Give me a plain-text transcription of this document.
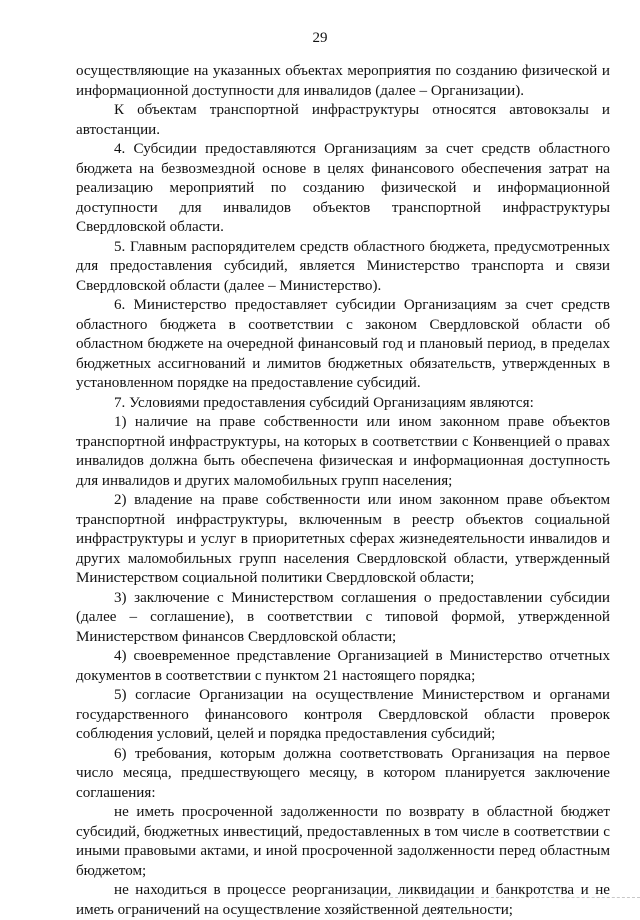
29

осуществляющие на указанных объектах мероприятия по созданию физической и информационной доступности для инвалидов (далее – Организации).

К объектам транспортной инфраструктуры относятся автовокзалы и автостанции.

4. Субсидии предоставляются Организациям за счет средств областного бюджета на безвозмездной основе в целях финансового обеспечения затрат на реализацию мероприятий по созданию физической и информационной доступности для инвалидов объектов транспортной инфраструктуры Свердловской области.

5. Главным распорядителем средств областного бюджета, предусмотренных для предоставления субсидий, является Министерство транспорта и связи Свердловской области (далее – Министерство).

6. Министерство предоставляет субсидии Организациям за счет средств областного бюджета в соответствии с законом Свердловской области об областном бюджете на очередной финансовый год и плановый период, в пределах бюджетных ассигнований и лимитов бюджетных обязательств, утвержденных в установленном порядке на предоставление субсидий.

7. Условиями предоставления субсидий Организациям являются:

1) наличие на праве собственности или ином законном праве объектов транспортной инфраструктуры, на которых в соответствии с Конвенцией о правах инвалидов должна быть обеспечена физическая и информационная доступность для инвалидов и других маломобильных групп населения;

2) владение на праве собственности или ином законном праве объектом транспортной инфраструктуры, включенным в реестр объектов социальной инфраструктуры и услуг в приоритетных сферах жизнедеятельности инвалидов и других маломобильных групп населения Свердловской области, утвержденный Министерством социальной политики Свердловской области;

3) заключение с Министерством соглашения о предоставлении субсидии (далее – соглашение), в соответствии с типовой формой, утвержденной Министерством финансов Свердловской области;

4) своевременное представление Организацией в Министерство отчетных документов в соответствии с пунктом 21 настоящего порядка;

5) согласие Организации на осуществление Министерством и органами государственного финансового контроля Свердловской области проверок соблюдения условий, целей и порядка предоставления субсидий;

6) требования, которым должна соответствовать Организация на первое число месяца, предшествующего месяцу, в котором планируется заключение соглашения:

не иметь просроченной задолженности по возврату в областной бюджет субсидий, бюджетных инвестиций, предоставленных в том числе в соответствии с иными правовыми актами, и иной просроченной задолженности перед областным бюджетом;

не находиться в процессе реорганизации, ликвидации и банкротства и не иметь ограничений на осуществление хозяйственной деятельности;
